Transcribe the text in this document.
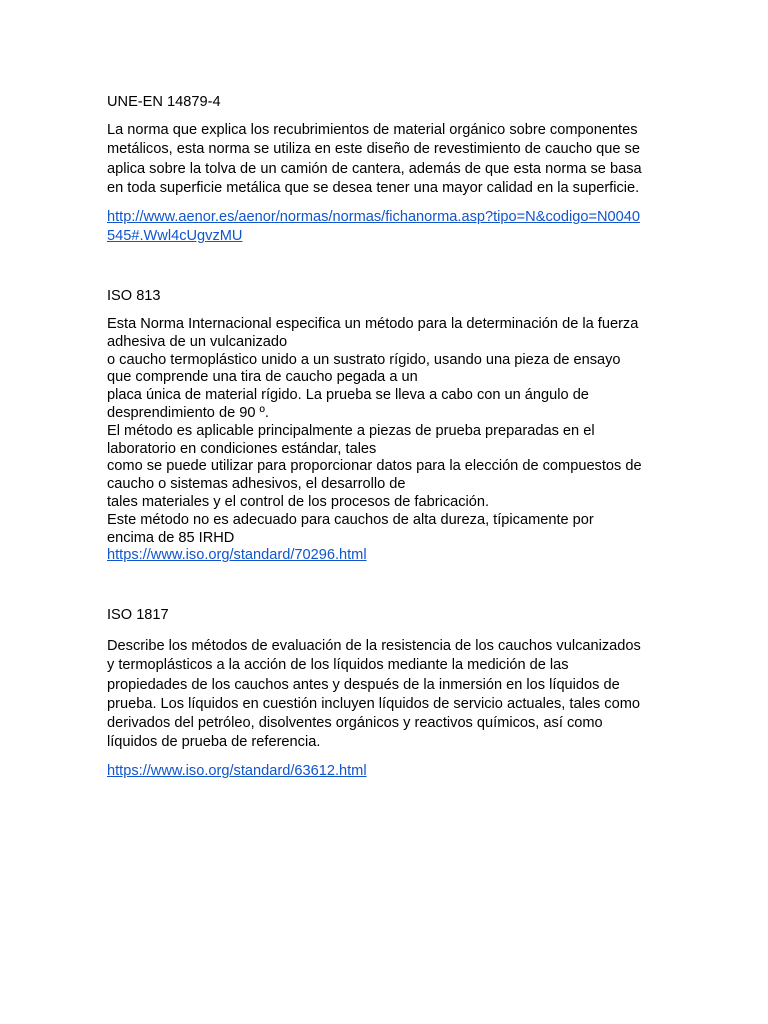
UNE-EN 14879-4

La norma que explica los recubrimientos de material orgánico sobre componentes
metálicos, esta norma se utiliza en este diseño de revestimiento de caucho que se
aplica sobre la tolva de un camión de cantera, además de que esta norma se basa
en toda superficie metálica que se desea tener una mayor calidad en la superficie.

http://www.aenor.es/aenor/normas/normas/fichanorma.asp?tipo=N&codigo=N0040
545#.Wwl4cUgvzMU

ISO 813

Esta Norma Internacional especifica un método para la determinación de la fuerza
adhesiva de un vulcanizado
o caucho termoplástico unido a un sustrato rígido, usando una pieza de ensayo
que comprende una tira de caucho pegada a un
placa única de material rígido. La prueba se lleva a cabo con un ángulo de
desprendimiento de 90 º.
El método es aplicable principalmente a piezas de prueba preparadas en el
laboratorio en condiciones estándar, tales
como se puede utilizar para proporcionar datos para la elección de compuestos de
caucho o sistemas adhesivos, el desarrollo de
tales materiales y el control de los procesos de fabricación.
Este método no es adecuado para cauchos de alta dureza, típicamente por
encima de 85 IRHD
https://www.iso.org/standard/70296.html

ISO 1817

Describe los métodos de evaluación de la resistencia de los cauchos vulcanizados
y termoplásticos a la acción de los líquidos mediante la medición de las
propiedades de los cauchos antes y después de la inmersión en los líquidos de
prueba. Los líquidos en cuestión incluyen líquidos de servicio actuales, tales como
derivados del petróleo, disolventes orgánicos y reactivos químicos, así como
líquidos de prueba de referencia.

https://www.iso.org/standard/63612.html
